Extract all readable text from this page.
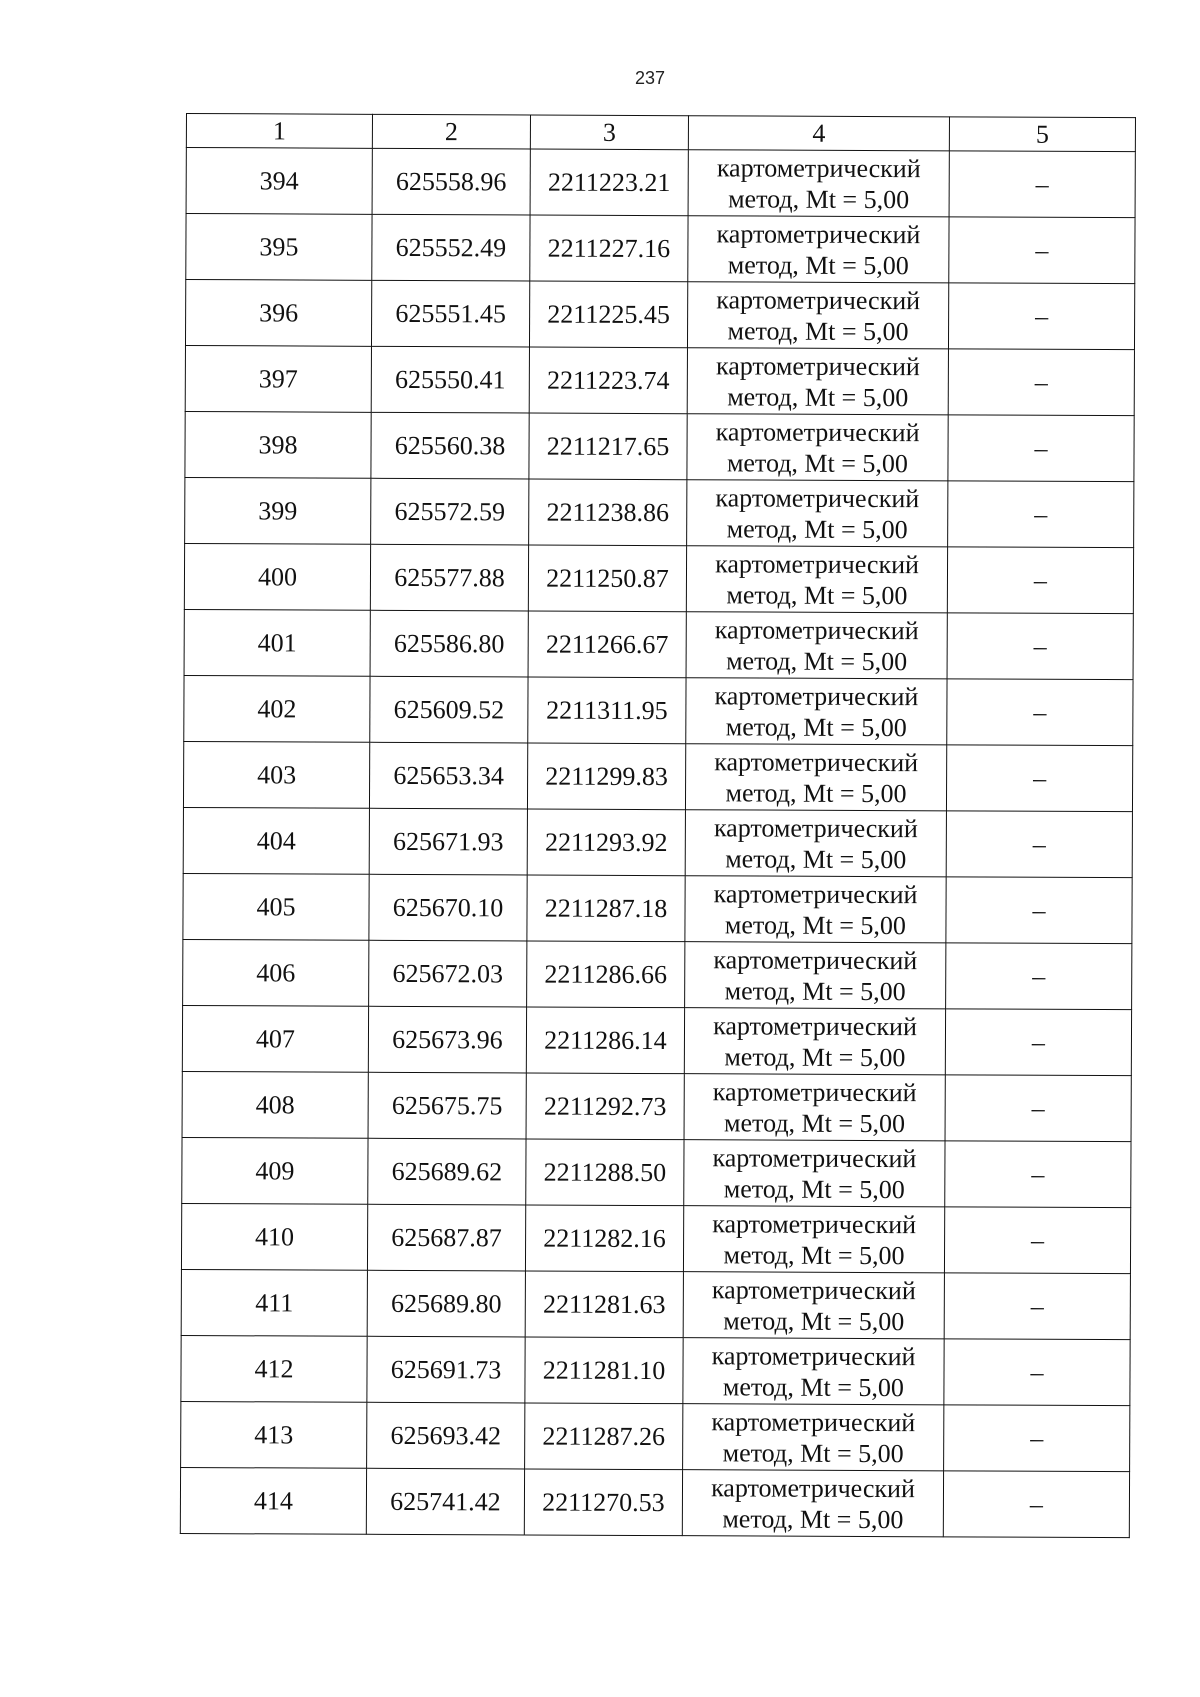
237
1	2	3	4	5
394	625558.96	2211223.21	картометрический
метод, Mt = 5,00	–
395	625552.49	2211227.16	картометрический
метод, Mt = 5,00	–
396	625551.45	2211225.45	картометрический
метод, Mt = 5,00	–
397	625550.41	2211223.74	картометрический
метод, Mt = 5,00	–
398	625560.38	2211217.65	картометрический
метод, Mt = 5,00	–
399	625572.59	2211238.86	картометрический
метод, Mt = 5,00	–
400	625577.88	2211250.87	картометрический
метод, Mt = 5,00	–
401	625586.80	2211266.67	картометрический
метод, Mt = 5,00	–
402	625609.52	2211311.95	картометрический
метод, Mt = 5,00	–
403	625653.34	2211299.83	картометрический
метод, Mt = 5,00	–
404	625671.93	2211293.92	картометрический
метод, Mt = 5,00	–
405	625670.10	2211287.18	картометрический
метод, Mt = 5,00	–
406	625672.03	2211286.66	картометрический
метод, Mt = 5,00	–
407	625673.96	2211286.14	картометрический
метод, Mt = 5,00	–
408	625675.75	2211292.73	картометрический
метод, Mt = 5,00	–
409	625689.62	2211288.50	картометрический
метод, Mt = 5,00	–
410	625687.87	2211282.16	картометрический
метод, Mt = 5,00	–
411	625689.80	2211281.63	картометрический
метод, Mt = 5,00	–
412	625691.73	2211281.10	картометрический
метод, Mt = 5,00	–
413	625693.42	2211287.26	картометрический
метод, Mt = 5,00	–
414	625741.42	2211270.53	картометрический
метод, Mt = 5,00	–
